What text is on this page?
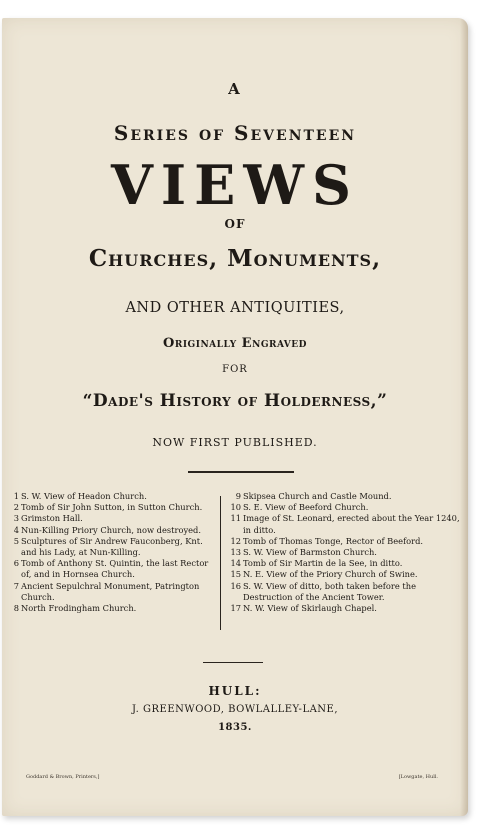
A
Series of Seventeen
VIEWS
OF
Churches, Monuments,
AND OTHER ANTIQUITIES,
Originally Engraved
FOR
“Dade's History of Holderness,”
NOW FIRST PUBLISHED.
1 S. W. View of Headon Church.
2 Tomb of Sir John Sutton, in Sutton Church.
3 Grimston Hall.
4 Nun-Killing Priory Church, now destroyed.
5 Sculptures of Sir Andrew Fauconberg, Knt. and his Lady, at Nun-Killing.
6 Tomb of Anthony St. Quintin, the last Rector of, and in Hornsea Church.
7 Ancient Sepulchral Monument, Patrington Church.
8 North Frodingham Church.
9 Skipsea Church and Castle Mound.
10 S. E. View of Beeford Church.
11 Image of St. Leonard, erected about the Year 1240, in ditto.
12 Tomb of Thomas Tonge, Rector of Beeford.
13 S. W. View of Barmston Church.
14 Tomb of Sir Martin de la See, in ditto.
15 N. E. View of the Priory Church of Swine.
16 S. W. View of ditto, both taken before the Destruction of the Ancient Tower.
17 N. W. View of Skirlaugh Chapel.
HULL:
J. GREENWOOD, BOWLALLEY-LANE,
1835.
Goddard & Brown, Printers,]	[Lowgate, Hull.
